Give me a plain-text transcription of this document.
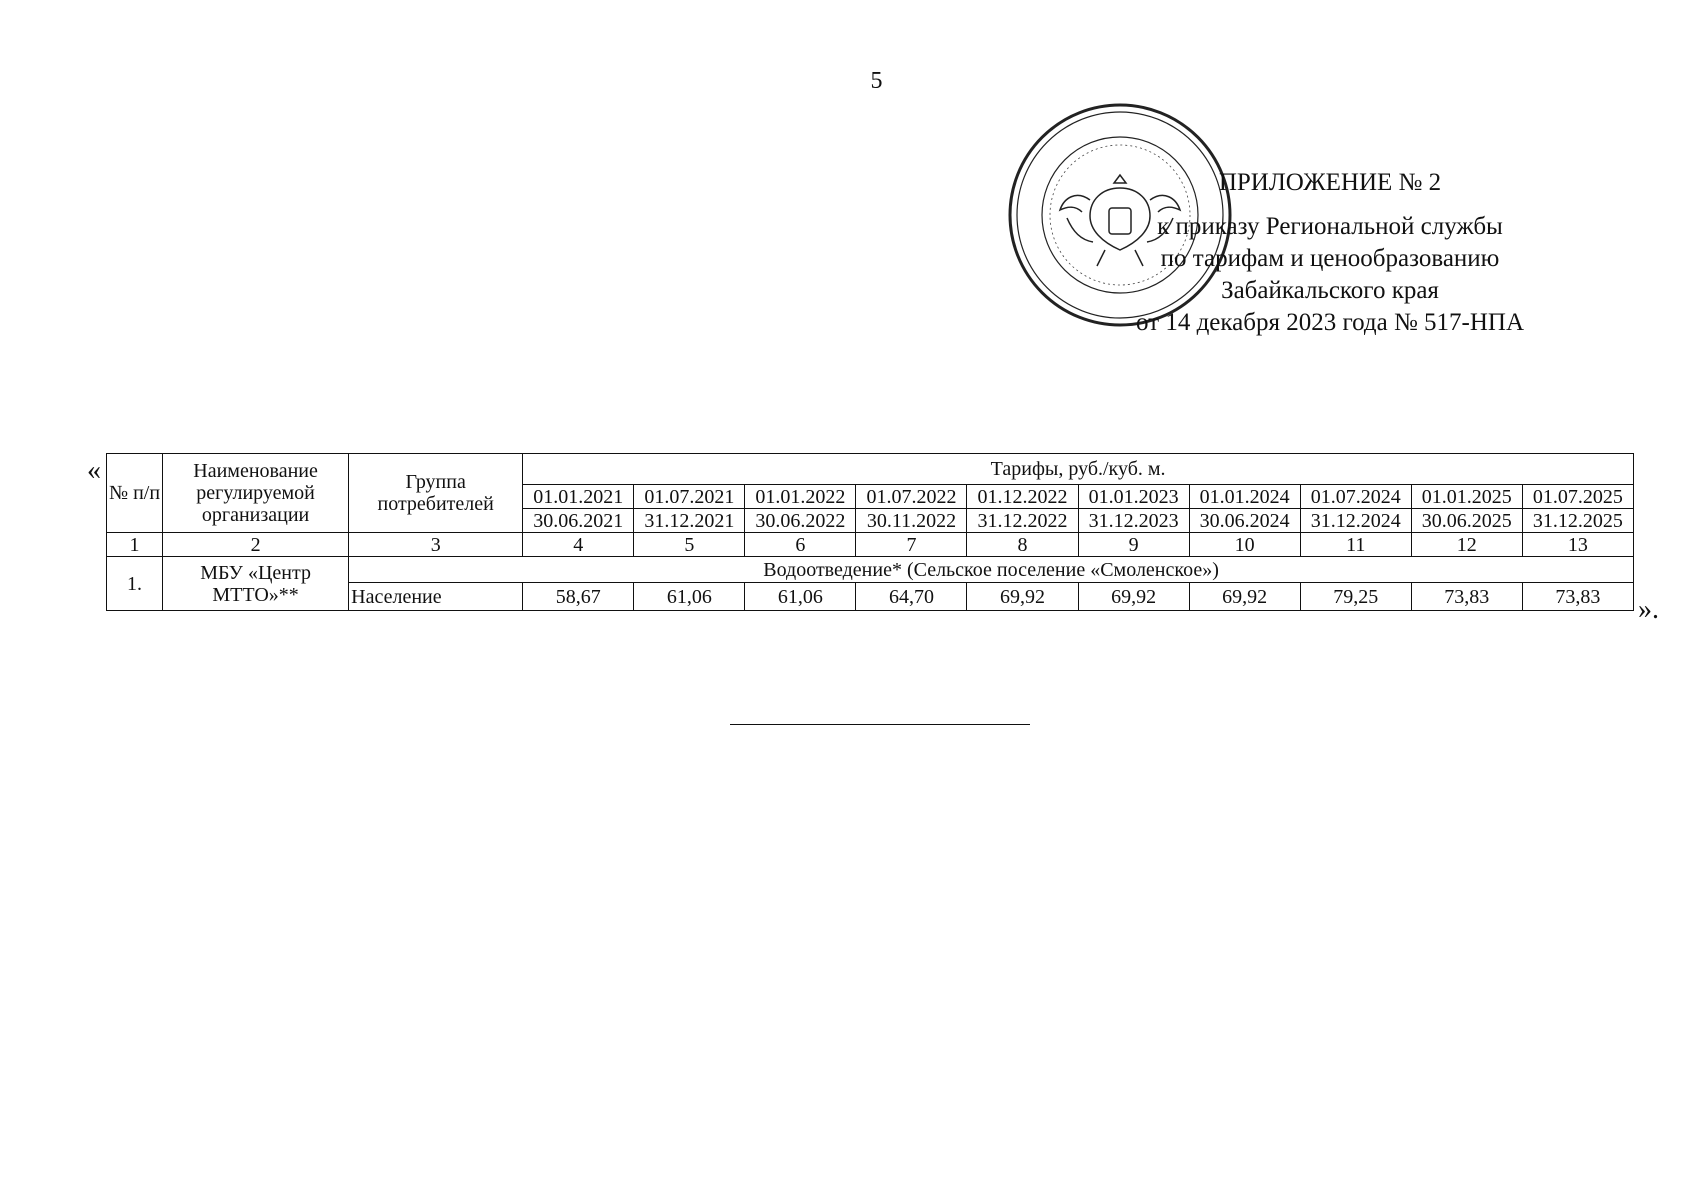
5
ПРИЛОЖЕНИЕ № 2
к приказу Региональной службы
по тарифам и ценообразованию
Забайкальского края
от 14 декабря 2023 года № 517-НПА
«
№ п/п	Наименование регулируемой организации	Группа потребителей	Тарифы, руб./куб. м.									
			01.01.2021	01.07.2021	01.01.2022	01.07.2022	01.12.2022	01.01.2023	01.01.2024	01.07.2024	01.01.2025	01.07.2025
			30.06.2021	31.12.2021	30.06.2022	30.11.2022	31.12.2022	31.12.2023	30.06.2024	31.12.2024	30.06.2025	31.12.2025
1	2	3	4	5	6	7	8	9	10	11	12	13
1.	МБУ «Центр МТТО»**	Водоотведение* (Сельское поселение «Смоленское»)										
		Население	58,67	61,06	61,06	64,70	69,92	69,92	69,92	79,25	73,83	73,83 ».
